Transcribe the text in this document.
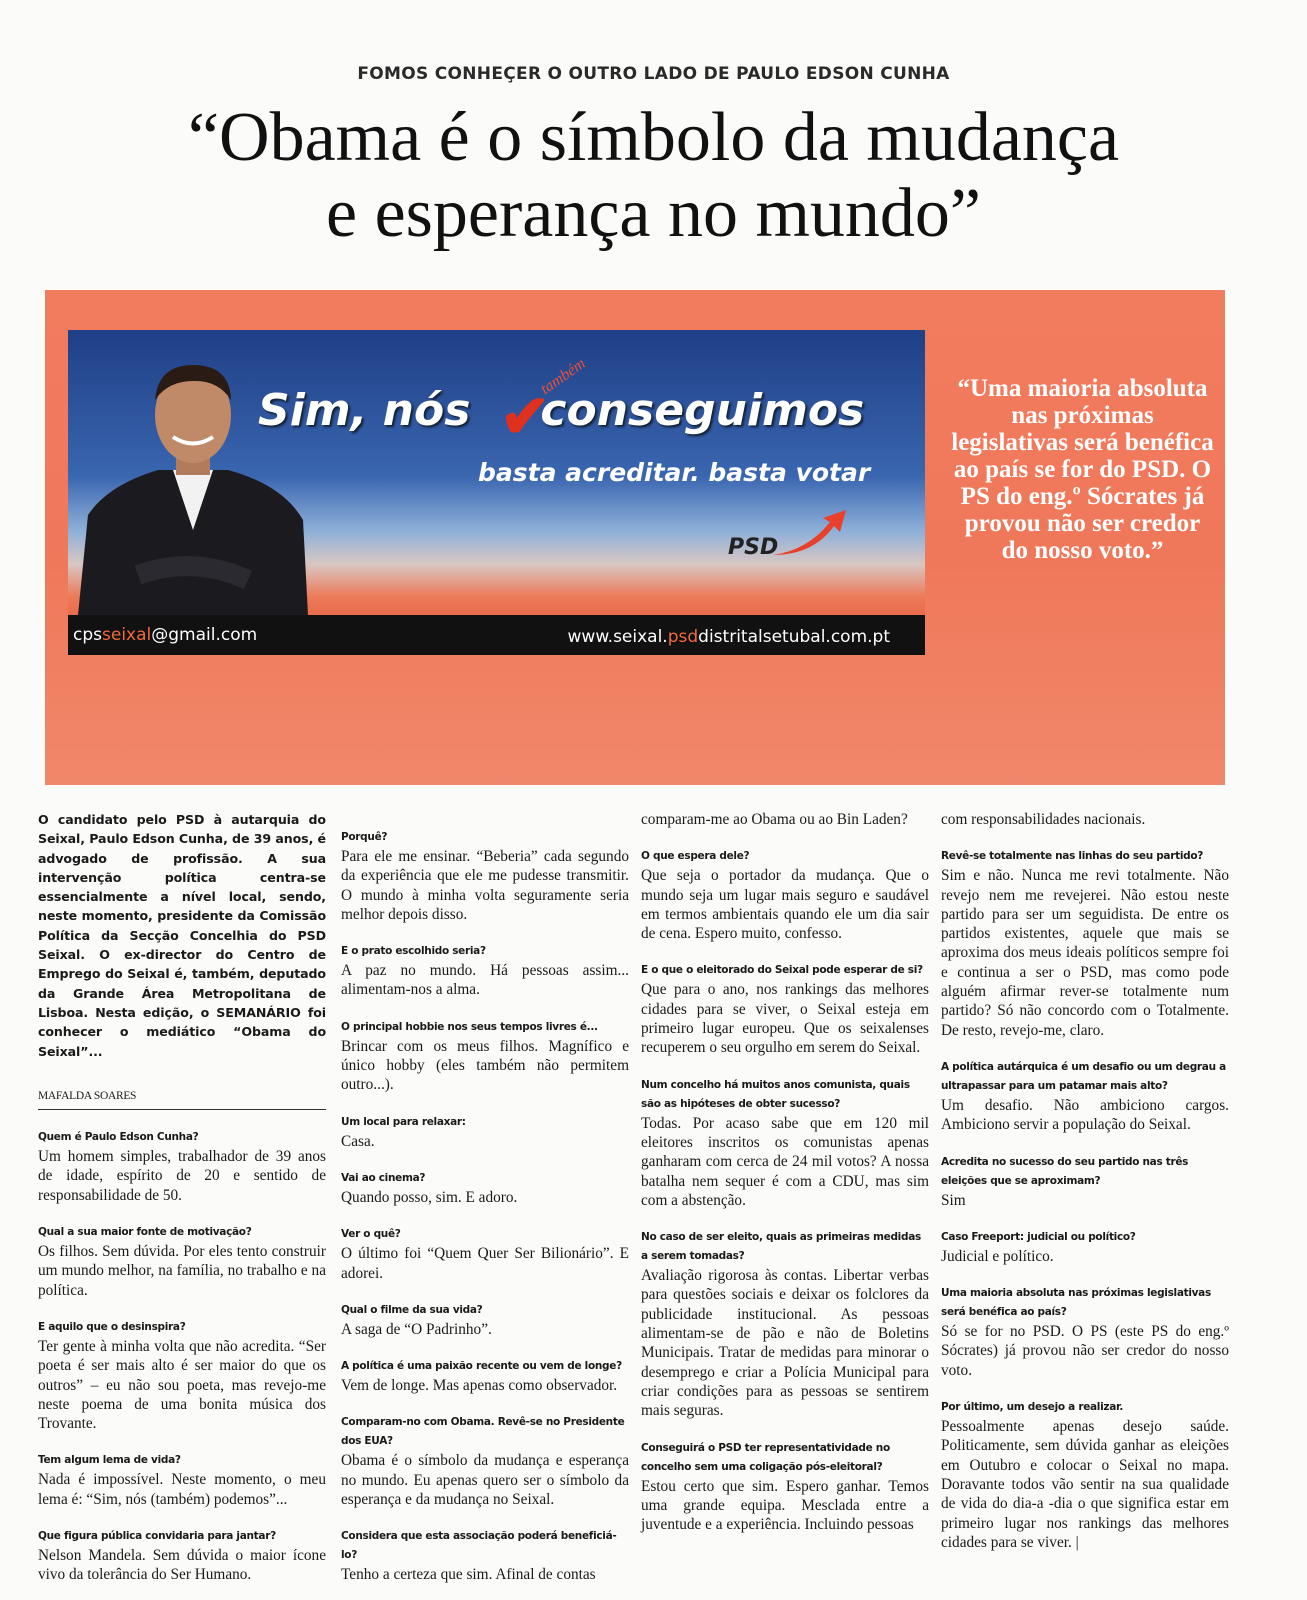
FOMOS CONHEÇER O OUTRO LADO DE PAULO EDSON CUNHA
“Obama é o símbolo da mudança
e esperança no mundo”
Sim, nós conseguimos
✔
também
basta acreditar. basta votar
PSD
cpsseixal@gmail.com	www.seixal.psddistritalsetubal.com.pt
“Uma maioria absoluta nas próximas legislativas será benéfica ao país se for do PSD. O PS do eng.º Sócrates já provou não ser credor do nosso voto.”
O candidato pelo PSD à autarquia do Seixal, Paulo Edson Cunha, de 39 anos, é advogado de profissão. A sua intervenção política centra-se essencialmente a nível local, sendo, neste momento, presidente da Comissão Política da Secção Concelhia do PSD Seixal. O ex-director do Centro de Emprego do Seixal é, também, deputado da Grande Área Metropolitana de Lisboa. Nesta edição, o SEMANÁRIO foi conhecer o mediático “Obama do Seixal”...
MAFALDA SOARES
Quem é Paulo Edson Cunha?
Um homem simples, trabalhador de 39 anos de idade, espírito de 20 e sentido de responsabilidade de 50.
Qual a sua maior fonte de motivação?
Os filhos. Sem dúvida. Por eles tento construir um mundo melhor, na família, no trabalho e na política.
E aquilo que o desinspira?
Ter gente à minha volta que não acredita. “Ser poeta é ser mais alto é ser maior do que os outros” – eu não sou poeta, mas revejo-me neste poema de uma bonita música dos Trovante.
Tem algum lema de vida?
Nada é impossível. Neste momento, o meu lema é: “Sim, nós (também) podemos”...
Que figura pública convidaria para jantar?
Nelson Mandela. Sem dúvida o maior ícone vivo da tolerância do Ser Humano.
Porquê?
Para ele me ensinar. “Beberia” cada segundo da experiência que ele me pudesse transmitir. O mundo à minha volta seguramente seria melhor depois disso.
E o prato escolhido seria?
A paz no mundo. Há pessoas assim... alimentam-nos a alma.
O principal hobbie nos seus tempos livres é...
Brincar com os meus filhos. Magnífico e único hobby (eles também não permitem outro...).
Um local para relaxar:
Casa.
Vai ao cinema?
Quando posso, sim. E adoro.
Ver o quê?
O último foi “Quem Quer Ser Bilionário”. E adorei.
Qual o filme da sua vida?
A saga de “O Padrinho”.
A política é uma paixão recente ou vem de longe?
Vem de longe. Mas apenas como observador.
Comparam-no com Obama. Revê-se no Presidente dos EUA?
Obama é o símbolo da mudança e esperança no mundo. Eu apenas quero ser o símbolo da esperança e da mudança no Seixal.
Considera que esta associação poderá beneficiá-lo?
Tenho a certeza que sim. Afinal de contas
comparam-me ao Obama ou ao Bin Laden?
O que espera dele?
Que seja o portador da mudança. Que o mundo seja um lugar mais seguro e saudável em termos ambientais quando ele um dia sair de cena. Espero muito, confesso.
E o que o eleitorado do Seixal pode esperar de si?
Que para o ano, nos rankings das melhores cidades para se viver, o Seixal esteja em primeiro lugar europeu. Que os seixalenses recuperem o seu orgulho em serem do Seixal.
Num concelho há muitos anos comunista, quais são as hipóteses de obter sucesso?
Todas. Por acaso sabe que em 120 mil eleitores inscritos os comunistas apenas ganharam com cerca de 24 mil votos? A nossa batalha nem sequer é com a CDU, mas sim com a abstenção.
No caso de ser eleito, quais as primeiras medidas a serem tomadas?
Avaliação rigorosa às contas. Libertar verbas para questões sociais e deixar os folclores da publicidade institucional. As pessoas alimentam-se de pão e não de Boletins Municipais. Tratar de medidas para minorar o desemprego e criar a Polícia Municipal para criar condições para as pessoas se sentirem mais seguras.
Conseguirá o PSD ter representatividade no concelho sem uma coligação pós-eleitoral?
Estou certo que sim. Espero ganhar. Temos uma grande equipa. Mesclada entre a juventude e a experiência. Incluindo pessoas
com responsabilidades nacionais.
Revê-se totalmente nas linhas do seu partido?
Sim e não. Nunca me revi totalmente. Não revejo nem me revejerei. Não estou neste partido para ser um seguidista. De entre os partidos existentes, aquele que mais se aproxima dos meus ideais políticos sempre foi e continua a ser o PSD, mas como pode alguém afirmar rever-se totalmente num partido? Só não concordo com o Totalmente. De resto, revejo-me, claro.
A política autárquica é um desafio ou um degrau a ultrapassar para um patamar mais alto?
Um desafio. Não ambiciono cargos. Ambiciono servir a população do Seixal.
Acredita no sucesso do seu partido nas três eleições que se aproximam?
Sim
Caso Freeport: judicial ou político?
Judicial e político.
Uma maioria absoluta nas próximas legislativas será benéfica ao país?
Só se for no PSD. O PS (este PS do eng.º Sócrates) já provou não ser credor do nosso voto.
Por último, um desejo a realizar.
Pessoalmente apenas desejo saúde. Politicamente, sem dúvida ganhar as eleições em Outubro e colocar o Seixal no mapa. Doravante todos vão sentir na sua qualidade de vida do dia-a -dia o que significa estar em primeiro lugar nos rankings das melhores cidades para se viver. |
